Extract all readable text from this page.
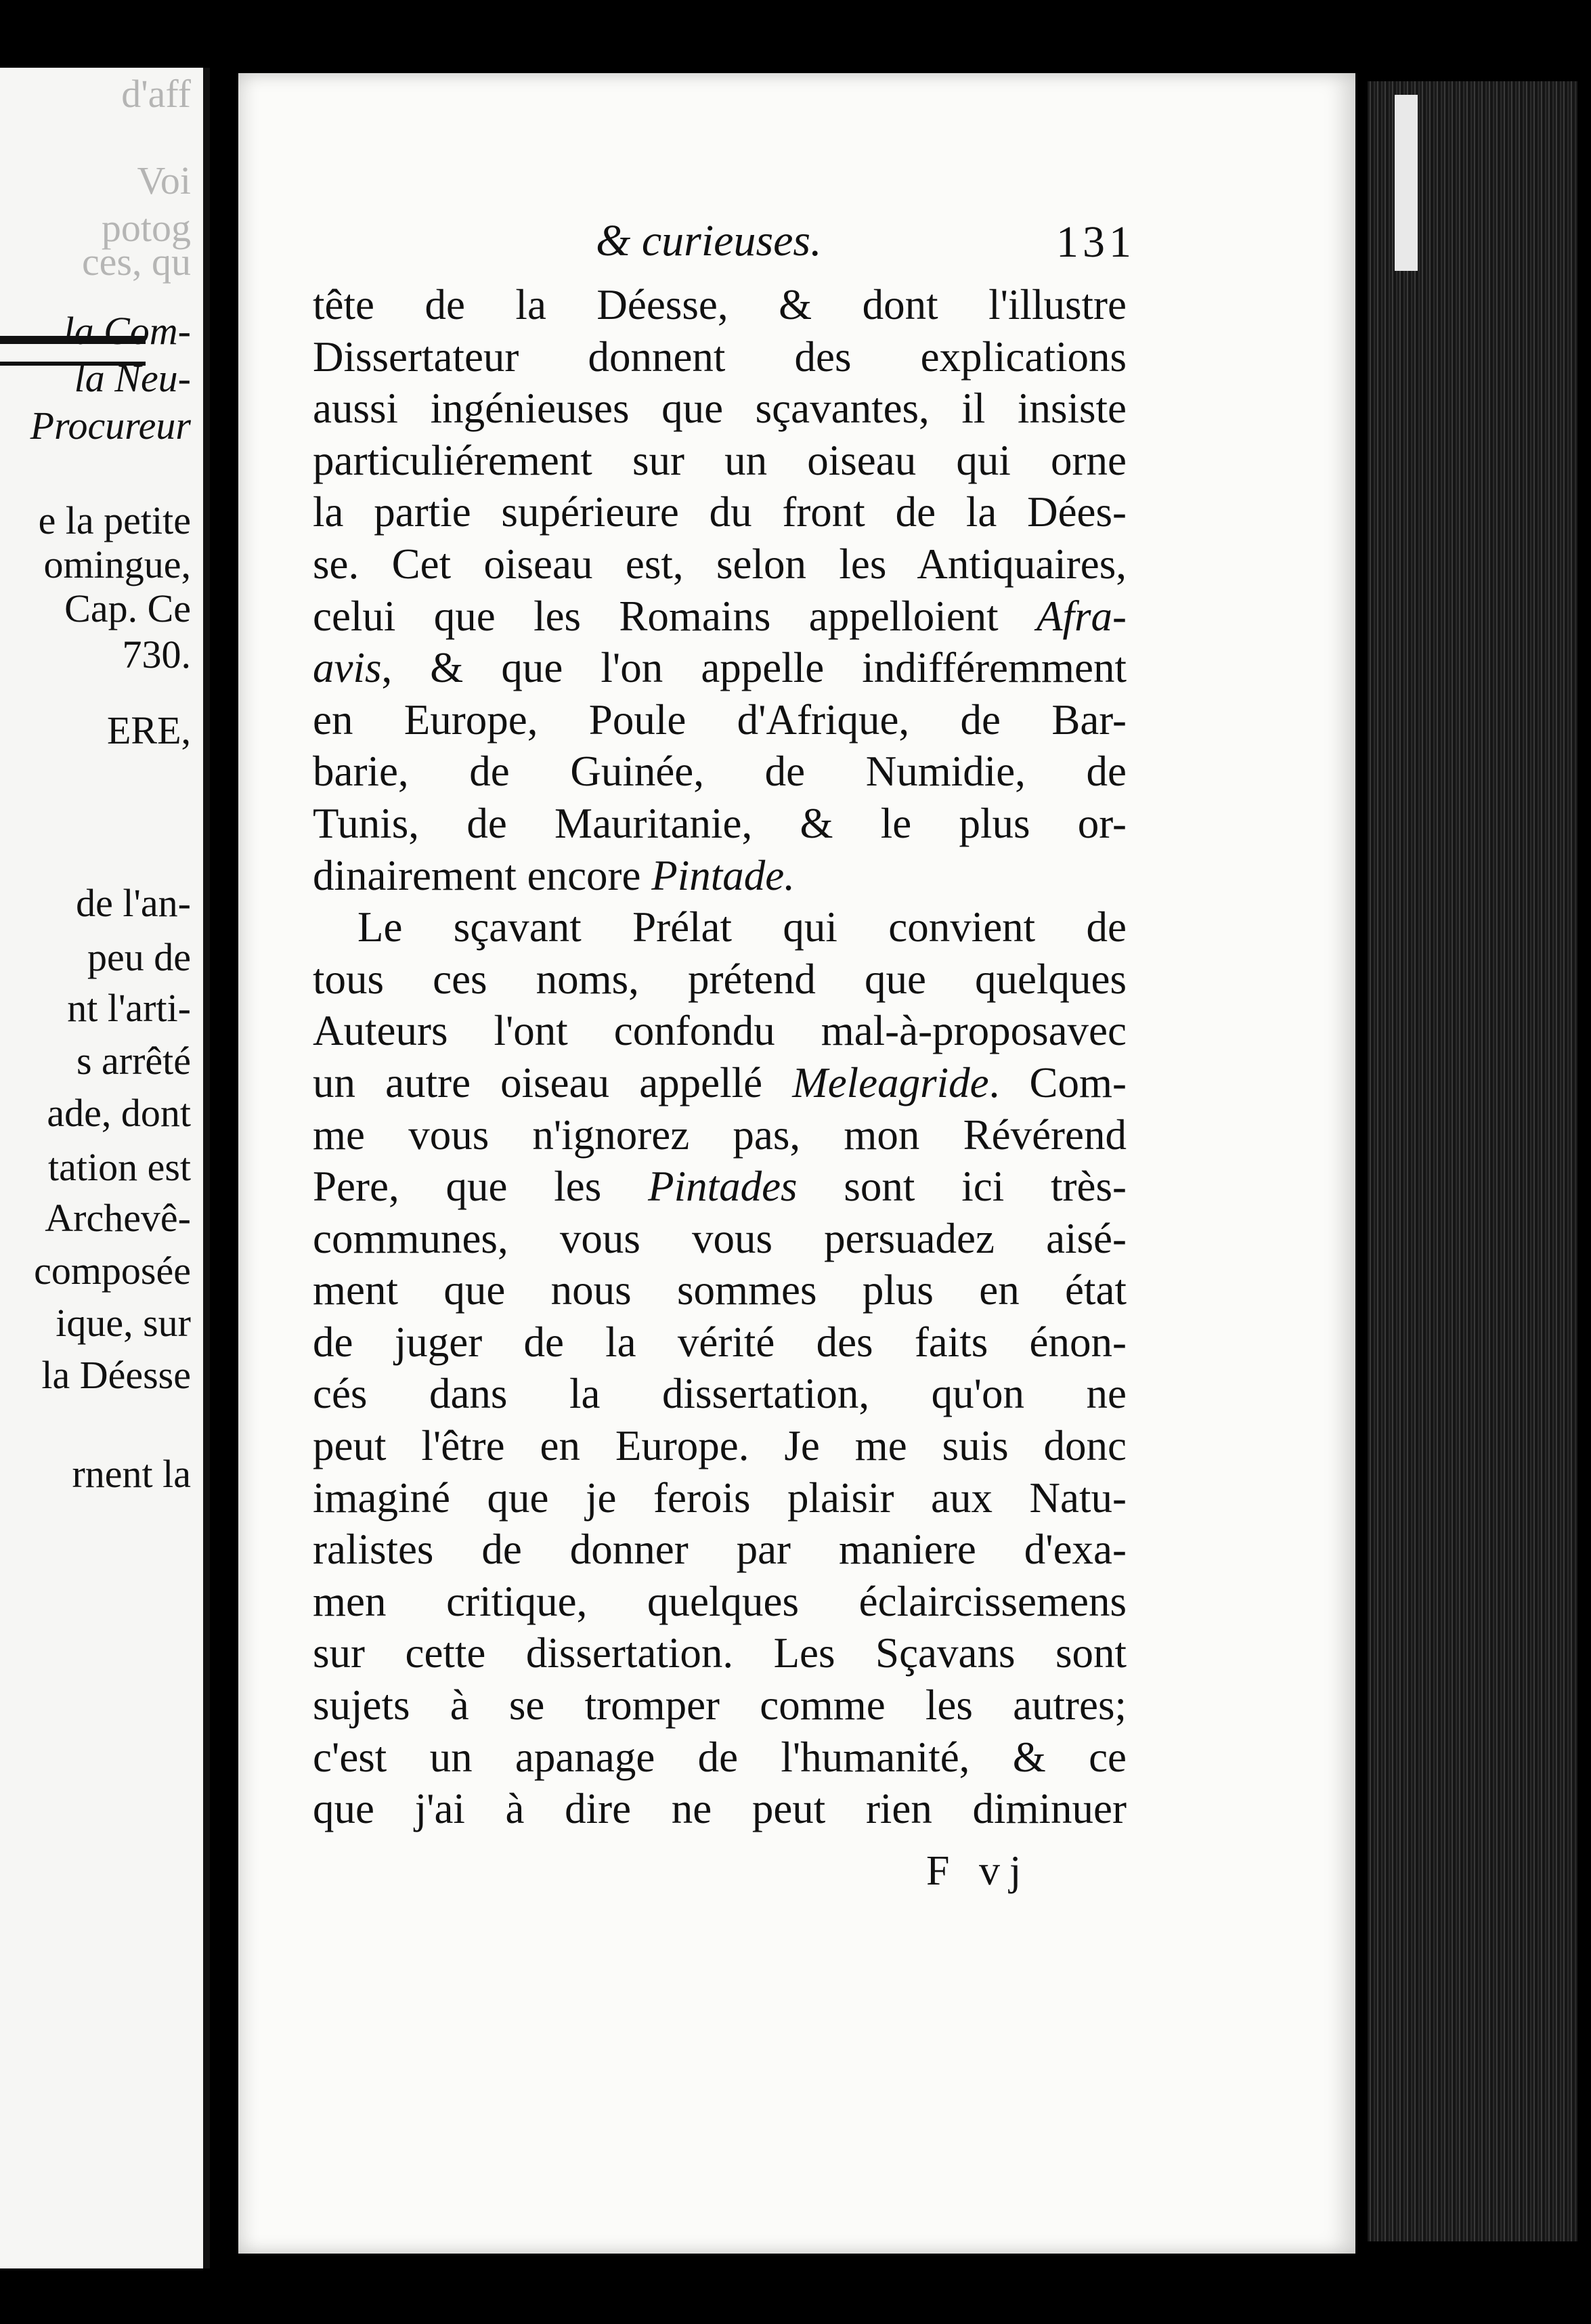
d'aff
Voi
potog
ces, qu
la Com-
la Neu-
Procureur
e la petite
omingue,
Cap. Ce
730.
ERE,
de l'an-
peu de
nt l'arti-
s arrêté
ade, dont
tation est
Archevê-
composée
ique, sur
la Déesse
rnent la
& curieuses.	131
tête de la Déesse, & dont l'illustre
Dissertateur donnent des explications
aussi ingénieuses que sçavantes, il insiste
particuliérement sur un oiseau qui orne
la partie supérieure du front de la Dées-
se. Cet oiseau est, selon les Antiquaires,
celui que les Romains appelloient Afra-
avis, & que l'on appelle indifféremment
en Europe, Poule d'Afrique, de Bar-
barie, de Guinée, de Numidie, de
Tunis, de Mauritanie, & le plus or-
dinairement encore Pintade.
Le sçavant Prélat qui convient de
tous ces noms, prétend que quelques
Auteurs l'ont confondu mal-à-proposavec
un autre oiseau appellé Meleagride. Com-
me vous n'ignorez pas, mon Révérend
Pere, que les Pintades sont ici très-
communes, vous vous persuadez aisé-
ment que nous sommes plus en état
de juger de la vérité des faits énon-
cés dans la dissertation, qu'on ne
peut l'être en Europe. Je me suis donc
imaginé que je ferois plaisir aux Natu-
ralistes de donner par maniere d'exa-
men critique, quelques éclaircissemens
sur cette dissertation. Les Sçavans sont
sujets à se tromper comme les autres;
c'est un apanage de l'humanité, & ce
que j'ai à dire ne peut rien diminuer
F vj
